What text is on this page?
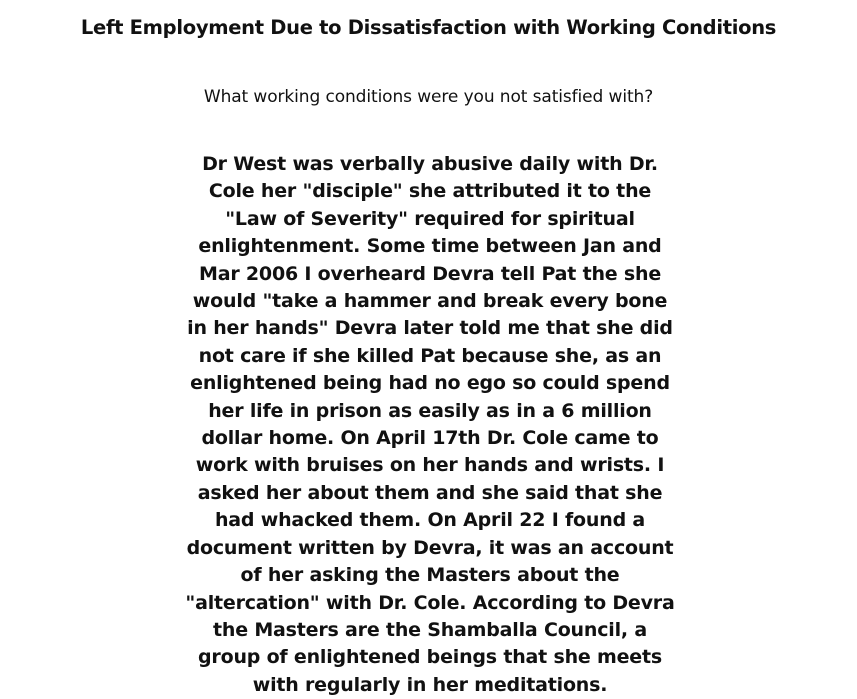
Left Employment Due to Dissatisfaction with Working Conditions
What working conditions were you not satisfied with?
Dr West was verbally abusive daily with Dr.
Cole her "disciple" she attributed it to the
"Law of Severity" required for spiritual
enlightenment. Some time between Jan and
Mar 2006 I overheard Devra tell Pat the she
would "take a hammer and break every bone
in her hands" Devra later told me that she did
not care if she killed Pat because she, as an
enlightened being had no ego so could spend
her life in prison as easily as in a 6 million
dollar home. On April 17th Dr. Cole came to
work with bruises on her hands and wrists. I
asked her about them and she said that she
had whacked them. On April 22 I found a
document written by Devra, it was an account
of her asking the Masters about the
"altercation" with Dr. Cole. According to Devra
the Masters are the Shamballa Council, a
group of enlightened beings that she meets
with regularly in her meditations.
